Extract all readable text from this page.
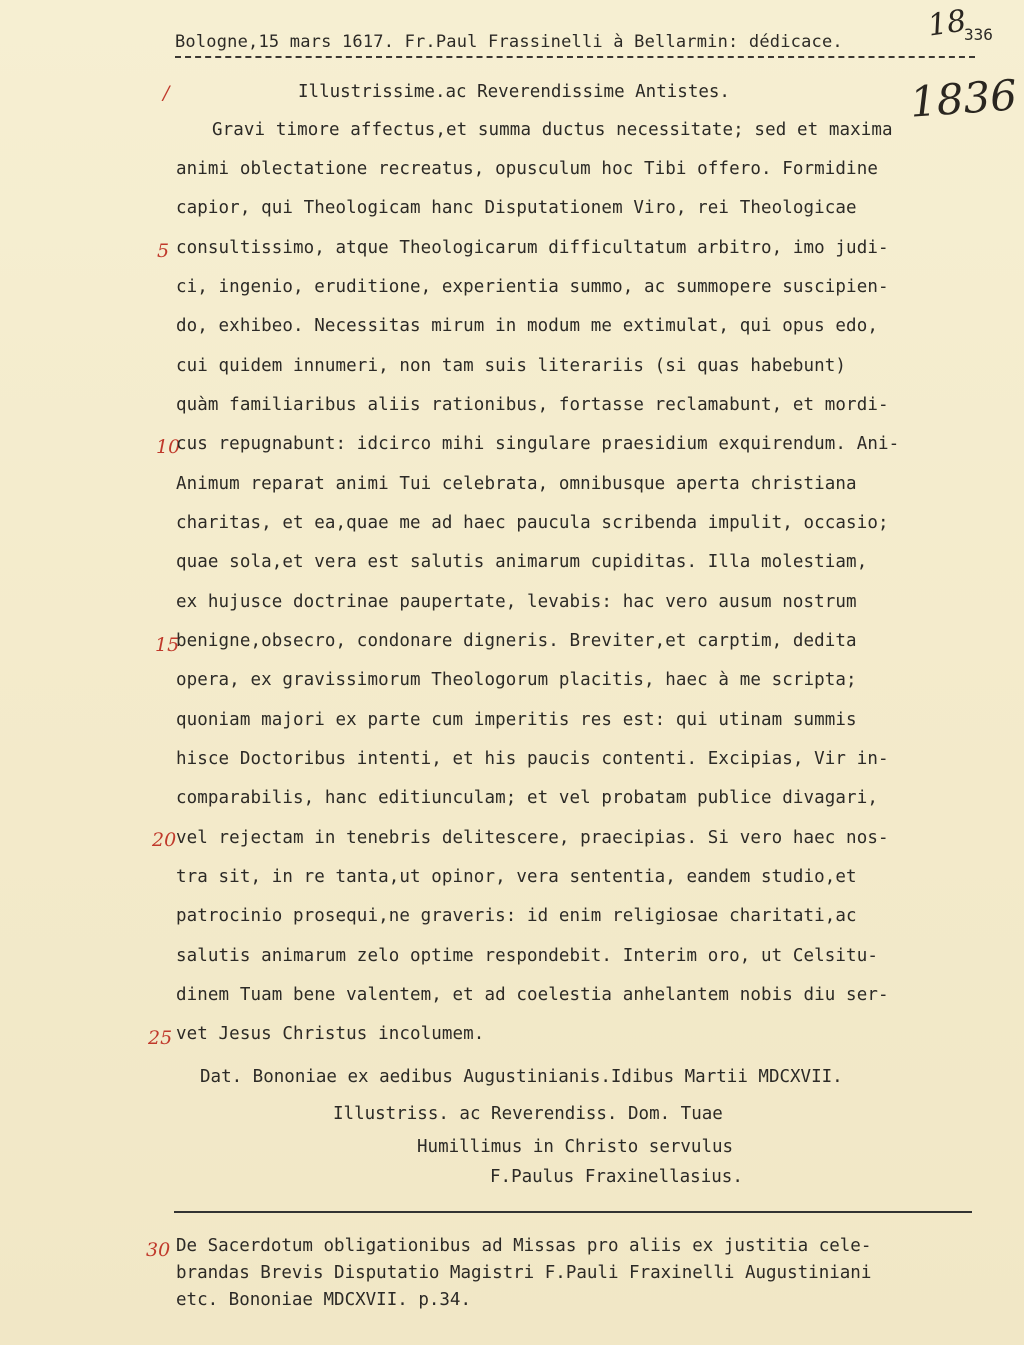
Bologne,15 mars 1617. Fr.Paul Frassinelli à Bellarmin: dédicace.	336
18
1836
/	Illustrissime.ac Reverendissime Antistes.
5
10
15
20
25
Gravi timore affectus,et summa ductus necessitate; sed et maxima
animi oblectatione recreatus, opusculum hoc Tibi offero. Formidine
capior, qui Theologicam hanc Disputationem Viro, rei Theologicae
consultissimo, atque Theologicarum difficultatum arbitro, imo judi-
ci, ingenio, eruditione, experientia summo, ac summopere suscipien-
do, exhibeo. Necessitas mirum in modum me extimulat, qui opus edo,
cui quidem innumeri, non tam suis literariis (si quas habebunt)
quàm familiaribus aliis rationibus, fortasse reclamabunt, et mordi-
cus repugnabunt: idcirco mihi singulare praesidium exquirendum. Ani-
Animum reparat animi Tui celebrata, omnibusque aperta christiana
charitas, et ea,quae me ad haec paucula scribenda impulit, occasio;
quae sola,et vera est salutis animarum cupiditas. Illa molestiam,
ex hujusce doctrinae paupertate, levabis: hac vero ausum nostrum
benigne,obsecro, condonare digneris. Breviter,et carptim, dedita
opera, ex gravissimorum Theologorum placitis, haec à me scripta;
quoniam majori ex parte cum imperitis res est: qui utinam summis
hisce Doctoribus intenti, et his paucis contenti. Excipias, Vir in-
comparabilis, hanc editiunculam; et vel probatam publice divagari,
vel rejectam in tenebris delitescere, praecipias. Si vero haec nos-
tra sit, in re tanta,ut opinor, vera sententia, eandem studio,et
patrocinio prosequi,ne graveris: id enim religiosae charitati,ac
salutis animarum zelo optime respondebit. Interim oro, ut Celsitu-
dinem Tuam bene valentem, et ad coelestia anhelantem nobis diu ser-
vet Jesus Christus incolumem.
Dat. Bononiae ex aedibus Augustinianis.Idibus Martii MDCXVII.
Illustriss. ac Reverendiss. Dom. Tuae
Humillimus in Christo servulus
F.Paulus Fraxinellasius.
30 De Sacerdotum obligationibus ad Missas pro aliis ex justitia cele-
brandas Brevis Disputatio Magistri F.Pauli Fraxinelli Augustiniani
etc. Bononiae MDCXVII. p.34.
